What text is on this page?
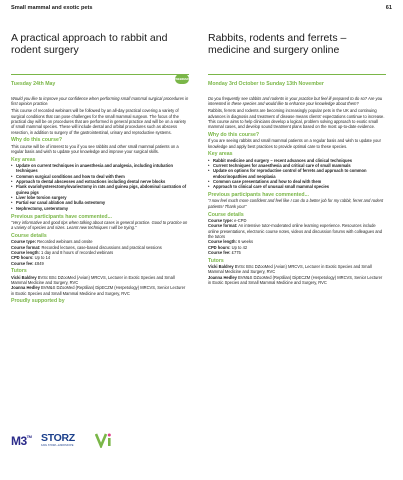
Small mammal and exotic pets	61
A practical approach to rabbit and rodent surgery
Tuesday 24th May
WEBINAR
Would you like to improve your confidence when performing small mammal surgical procedures in first opinion practice.
This course of recorded webinars will be followed by an all-day practical covering a variety of surgical conditions that can pose challenges for the small mammal surgeon. The focus of the practical day will be on procedures that are performed in general practice and will be on a variety of small mammal species. These will include dental and orbital procedures such as abscess resection, in addition to surgery of the gastrointestinal, urinary and reproductive systems.
Why do this course?
This course will be of interest to you if you see rabbits and other small mammal patients on a regular basis and wish to update your knowledge and improve your surgical skills.
Key areas
• Update on current techniques in anaesthesia and analgesia, including intubation techniques
• Common surgical conditions and how to deal with them
• Approach to dental abscesses and extractions including dental nerve blocks
• Flank ovariohysterectomy/ovariectomy in rats and guinea pigs, abdominal castration of guinea pigs
• Liver lobe torsion surgery
• Partial ear canal ablation and bulla osteotomy
• Nephrectomy, ureterotomy
Previous participants have commented...
"Very informative and good tips when talking about cases in general practice. Good to practice on a variety of species and sizes. Learnt new techniques I will be trying."
Course details
Course type: Recorded webinars and onsite
Course format: Recorded lectures, case-based discussions and practical sessions
Course length: 1 day and 8 hours of recorded webinars
CPD hours: Up to 14
Course fee: £849
Tutors
Vicki Baldrey BVSc BSc DZooMed (Avian) MRCVS, Lecturer in Exotic Species and Small Mammal Medicine and Surgery, RVC
Joanna Hedley BVM&S DZooMed (Reptilian) DipECZM (Herpetology) MRCVS, Senior Lecturer in Exotic Species and Small Mammal Medicine and Surgery, RVC
Proudly supported by
M3™ STORZ
KARL STORZ—ENDOSKOPE
Rabbits, rodents and ferrets – medicine and surgery online
Monday 3rd October to Sunday 13th November
Do you frequently see rabbits and rodents in your practice but feel ill-prepared to do so? Are you interested in these species and would like to enhance your knowledge about them?
Rabbits, ferrets and rodents are becoming increasingly popular pets in the UK and continuing advances in diagnosis and treatment of disease means clients' expectations continue to increase. This course aims to help clinicians develop a logical, problem solving approach to exotic small mammal cases, and develop sound treatment plans based on the most up-to-date evidence.
Why do this course?
If you are seeing rabbits and small mammal patients on a regular basis and wish to update your knowledge and apply best practices to provide optimal care to these species.
Key areas
• Rabbit medicine and surgery – recent advances and clinical techniques
• Current techniques for anaesthesia and critical care of small mammals
• Update on options for reproductive control of ferrets and approach to common endocrinopathies and neoplasia
• Common case presentations and how to deal with them
• Approach to clinical care of unusual small mammal species
Previous participants have commented...
"I now feel much more confident and feel like I can do a better job for my rabbit, ferret and rodent patients! Thank you!"
Course details
Course type: e-CPD
Course format: An intensive tutor-moderated online learning experience. Resources include online presentations, electronic course notes, videos and discussion forums with colleagues and the tutors
Course length: 6 weeks
CPD hours: Up to 42
Course fee: £775
Tutors
Vicki Baldrey BVSc BSc DZooMed (Avian) MRCVS, Lecturer in Exotic Species and Small Mammal Medicine and Surgery, RVC
Joanna Hedley BVM&S DZooMed (Reptilian) DipECZM (Herpetology) MRCVS, Senior Lecturer in Exotic Species and Small Mammal Medicine and Surgery, RVC
